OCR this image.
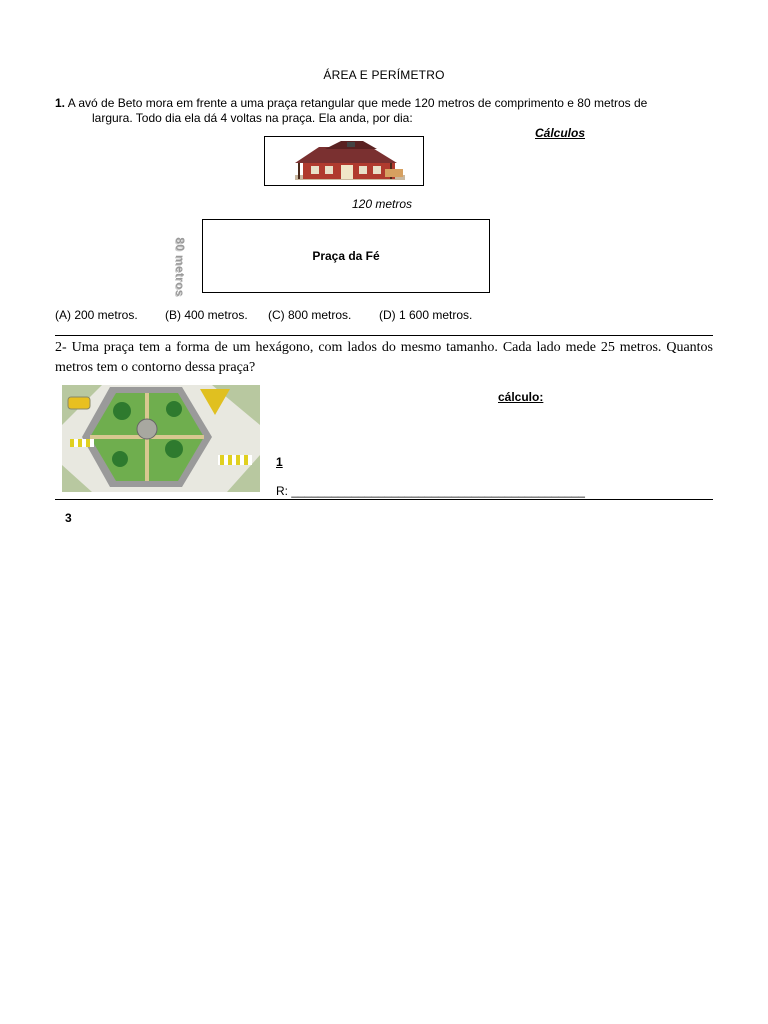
ÁREA E PERÍMETRO
1. A avó de Beto mora em frente a uma praça retangular que mede 120 metros de comprimento e 80 metros de
largura. Todo dia ela dá 4 voltas na praça. Ela anda, por dia:
Cálculos
120 metros
80 metros	Praça da Fé
(A) 200 metros. (B) 400 metros. (C) 800 metros. (D) 1 600 metros.
2- Uma praça tem a forma de um hexágono, com lados do mesmo tamanho. Cada lado mede 25 metros. Quantos metros tem o contorno dessa praça?
cálculo:
1
R: ____________________________________________
3
